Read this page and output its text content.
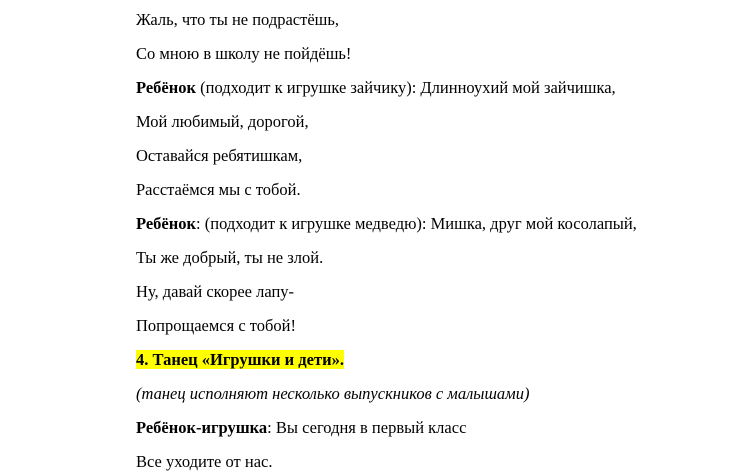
Жаль, что ты не подрастёшь,
Со мною в школу не пойдёшь!
Ребёнок (подходит к игрушке зайчику): Длинноухий мой зайчишка,
Мой любимый, дорогой,
Оставайся ребятишкам,
Расстаёмся мы с тобой.
Ребёнок: (подходит к игрушке медведю): Мишка, друг мой косолапый,
Ты же добрый, ты не злой.
Ну, давай скорее лапу-
Попрощаемся с тобой!
4. Танец «Игрушки и дети».
(танец исполняют несколько выпускников с малышами)
Ребёнок-игрушка: Вы сегодня в первый класс
Все уходите от нас.
